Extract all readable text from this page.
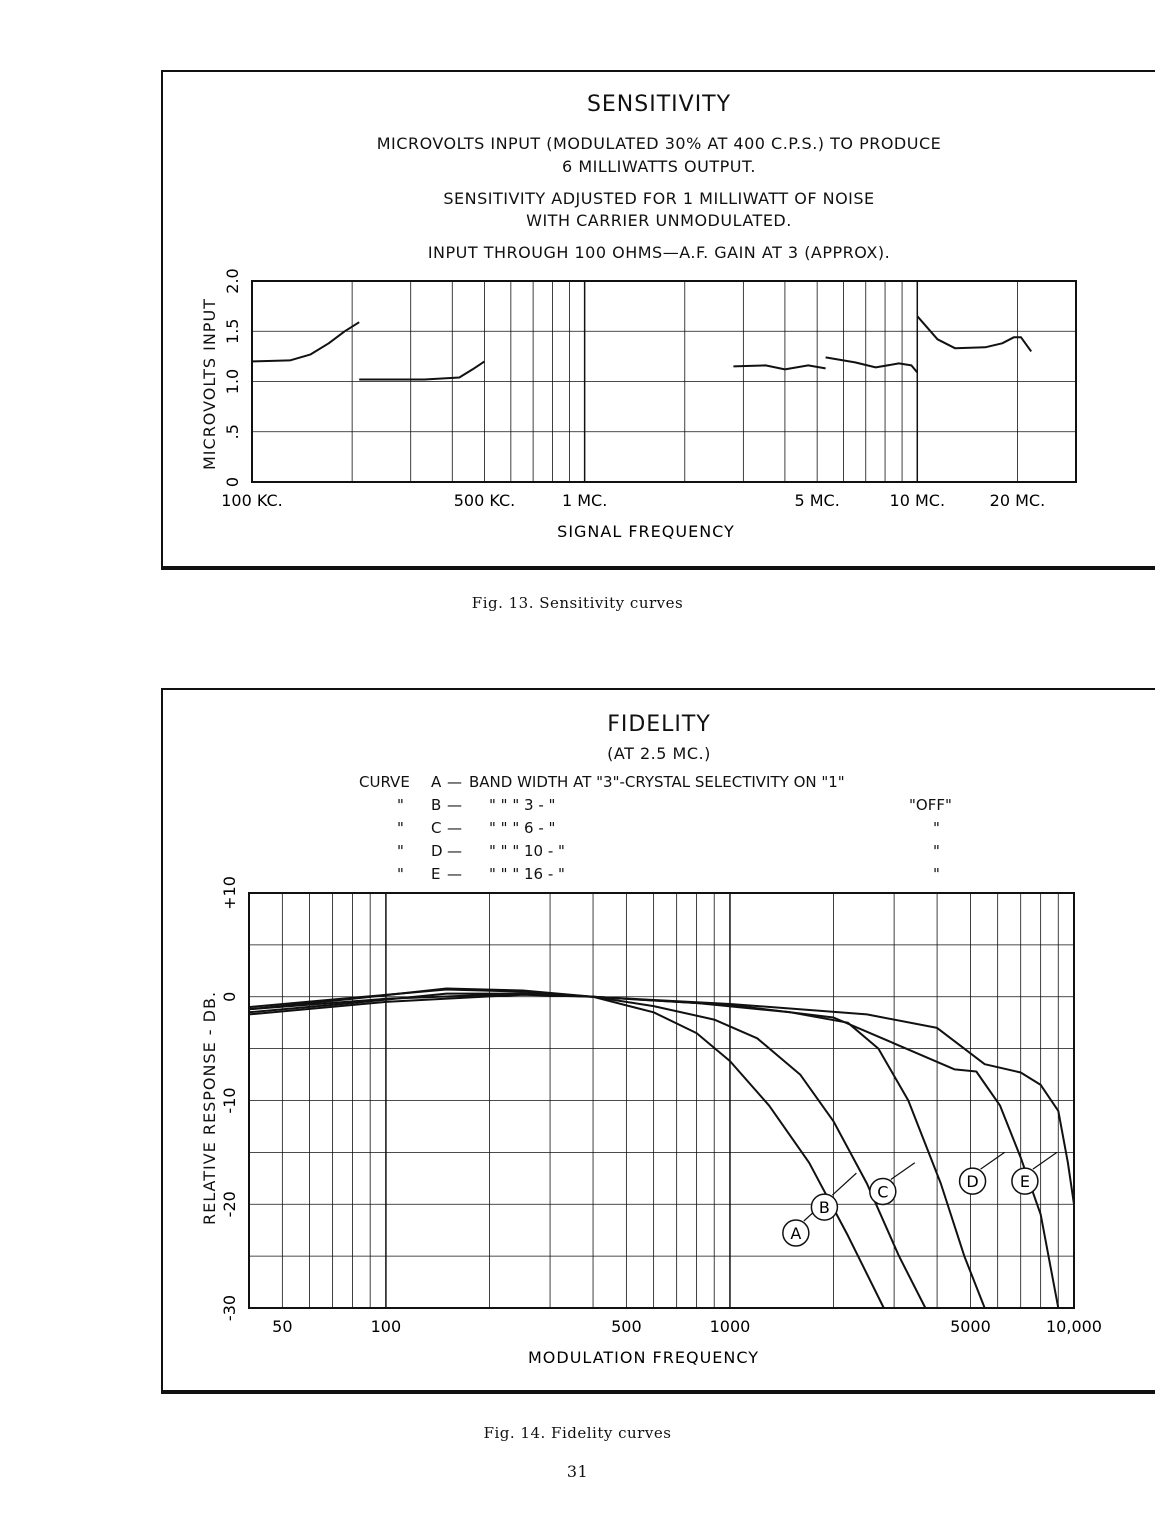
SENSITIVITY
MICROVOLTS INPUT (MODULATED 30% AT 400 C.P.S.) TO PRODUCE
6 MILLIWATTS OUTPUT.
SENSITIVITY ADJUSTED FOR 1 MILLIWATT OF NOISE
WITH CARRIER UNMODULATED.
INPUT THROUGH 100 OHMS—A.F. GAIN AT 3 (APPROX).
MICROVOLTS INPUT
0
.5
1.0
1.5
2.0
100 KC.	500 KC.	1 MC.	5 MC.	10 MC.	20 MC.
SIGNAL FREQUENCY
Fig. 13. Sensitivity curves
FIDELITY
(AT 2.5 MC.)
CURVE A — BAND WIDTH AT "3"-CRYSTAL SELECTIVITY ON "1"
" B — " " " 3 - "	"OFF"
" C — " " " 6 - "	"
" D — " " " 10 - "	"
" E — " " " 16 - "	"
RELATIVE RESPONSE - DB.
+10
0
-10
-20
-30
50	100	500	1000	5000	10,000
MODULATION FREQUENCY
A
B
C
D	E
Fig. 14. Fidelity curves
31
